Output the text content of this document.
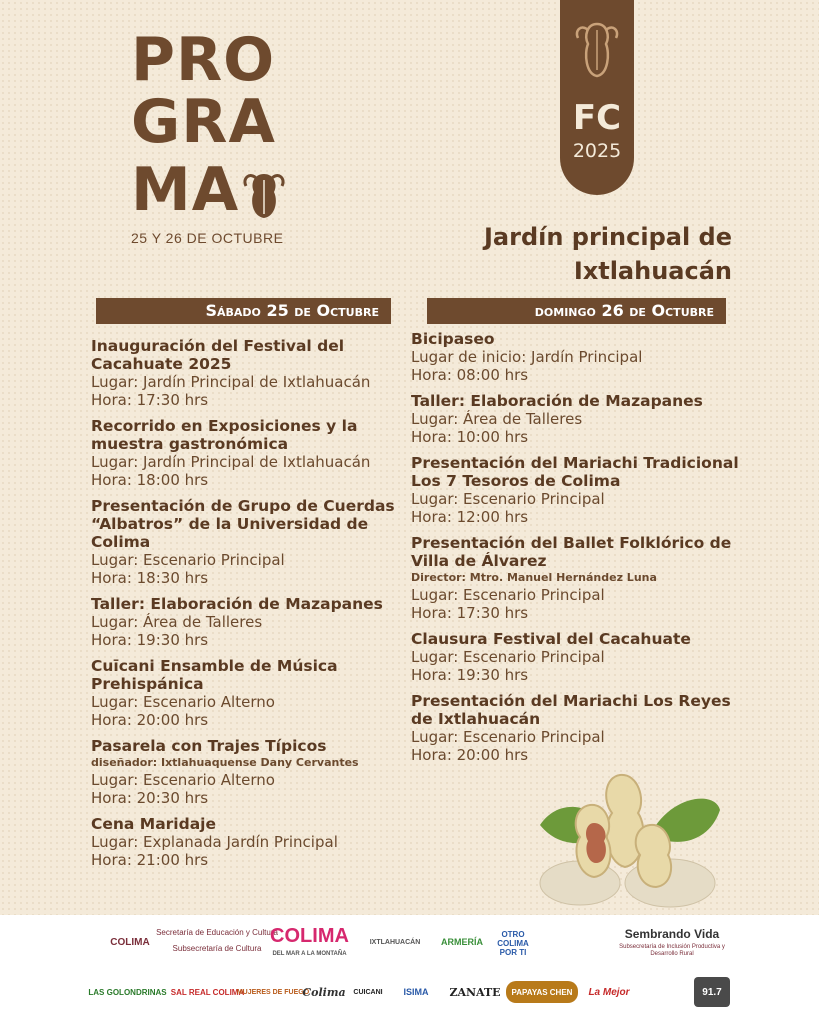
PRO
GRA
MA
25 Y 26 DE OCTUBRE
FC
2025
Jardín principal de
Ixtlahuacán
Sábado 25 de Octubre	domingo 26 de Octubre
Inauguración del Festival del Cacahuate 2025
Lugar: Jardín Principal de Ixtlahuacán
Hora: 17:30 hrs
Recorrido en Exposiciones y la muestra gastronómica
Lugar: Jardín Principal de Ixtlahuacán
Hora: 18:00 hrs
Presentación de Grupo de Cuerdas “Albatros” de la Universidad de Colima
Lugar: Escenario Principal
Hora: 18:30 hrs
Taller: Elaboración de Mazapanes
Lugar: Área de Talleres
Hora: 19:30 hrs
Cuīcani Ensamble de Música Prehispánica
Lugar: Escenario Alterno
Hora: 20:00 hrs
Pasarela con Trajes Típicos
diseñador: Ixtlahuaquense Dany Cervantes
Lugar: Escenario Alterno
Hora: 20:30 hrs
Cena Maridaje
Lugar: Explanada Jardín Principal
Hora: 21:00 hrs
Bicipaseo
Lugar de inicio: Jardín Principal
Hora: 08:00 hrs
Taller: Elaboración de Mazapanes
Lugar: Área de Talleres
Hora: 10:00 hrs
Presentación del Mariachi Tradicional Los 7 Tesoros de Colima
Lugar: Escenario Principal
Hora: 12:00 hrs
Presentación del Ballet Folklórico de Villa de Álvarez
Director: Mtro. Manuel Hernández Luna
Lugar: Escenario Principal
Hora: 17:30 hrs
Clausura Festival del Cacahuate
Lugar: Escenario Principal
Hora: 19:30 hrs
Presentación del Mariachi Los Reyes de Ixtlahuacán
Lugar: Escenario Principal
Hora: 20:00 hrs
COLIMA
Secretaría de Educación y Cultura
Subsecretaría de Cultura
COLIMA
DEL MAR A LA MONTAÑA
IXTLAHUACÁN	ARMERÍA
OTRO COLIMA POR TI
Sembrando Vida
Subsecretaría de Inclusión Productiva y Desarrollo Rural
LAS GOLONDRINAS SAL REAL COLIMA
MUJERES DE FUEGO
Colima	CUICANI	ISIMA	ZANATE	PAPAYAS CHEN	La Mejor	91.7
